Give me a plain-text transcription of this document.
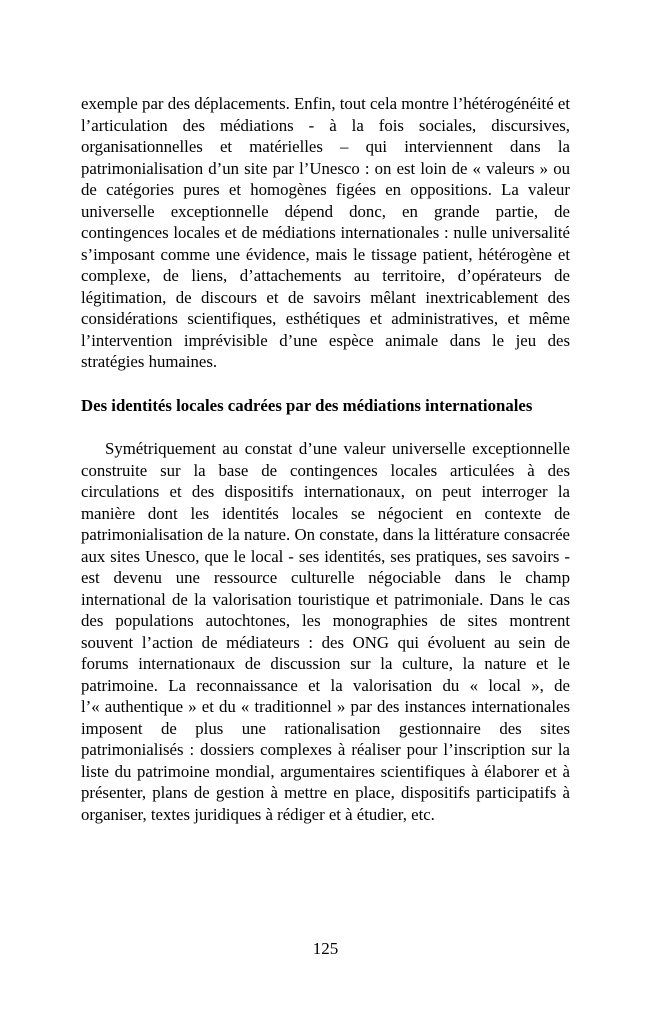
exemple par des déplacements. Enfin, tout cela montre l’hétérogénéité et l’articulation des médiations - à la fois sociales, discursives, organisationnelles et matérielles – qui interviennent dans la patrimonialisation d’un site par l’Unesco : on est loin de « valeurs » ou de catégories pures et homogènes figées en oppositions. La valeur universelle exceptionnelle dépend donc, en grande partie, de contingences locales et de médiations internationales : nulle universalité s’imposant comme une évidence, mais le tissage patient, hétérogène et complexe, de liens, d’attachements au territoire, d’opérateurs de légitimation, de discours et de savoirs mêlant inextricablement des considérations scientifiques, esthétiques et administratives, et même l’intervention imprévisible d’une espèce animale dans le jeu des stratégies humaines.

Des identités locales cadrées par des médiations internationales

Symétriquement au constat d’une valeur universelle exceptionnelle construite sur la base de contingences locales articulées à des circulations et des dispositifs internationaux, on peut interroger la manière dont les identités locales se négocient en contexte de patrimonialisation de la nature. On constate, dans la littérature consacrée aux sites Unesco, que le local - ses identités, ses pratiques, ses savoirs - est devenu une ressource culturelle négociable dans le champ international de la valorisation touristique et patrimoniale. Dans le cas des populations autochtones, les monographies de sites montrent souvent l’action de médiateurs : des ONG qui évoluent au sein de forums internationaux de discussion sur la culture, la nature et le patrimoine. La reconnaissance et la valorisation du « local », de l’« authentique » et du « traditionnel » par des instances internationales imposent de plus une rationalisation gestionnaire des sites patrimonialisés : dossiers complexes à réaliser pour l’inscription sur la liste du patrimoine mondial, argumentaires scientifiques à élaborer et à présenter, plans de gestion à mettre en place, dispositifs participatifs à organiser, textes juridiques à rédiger et à étudier, etc.

125
